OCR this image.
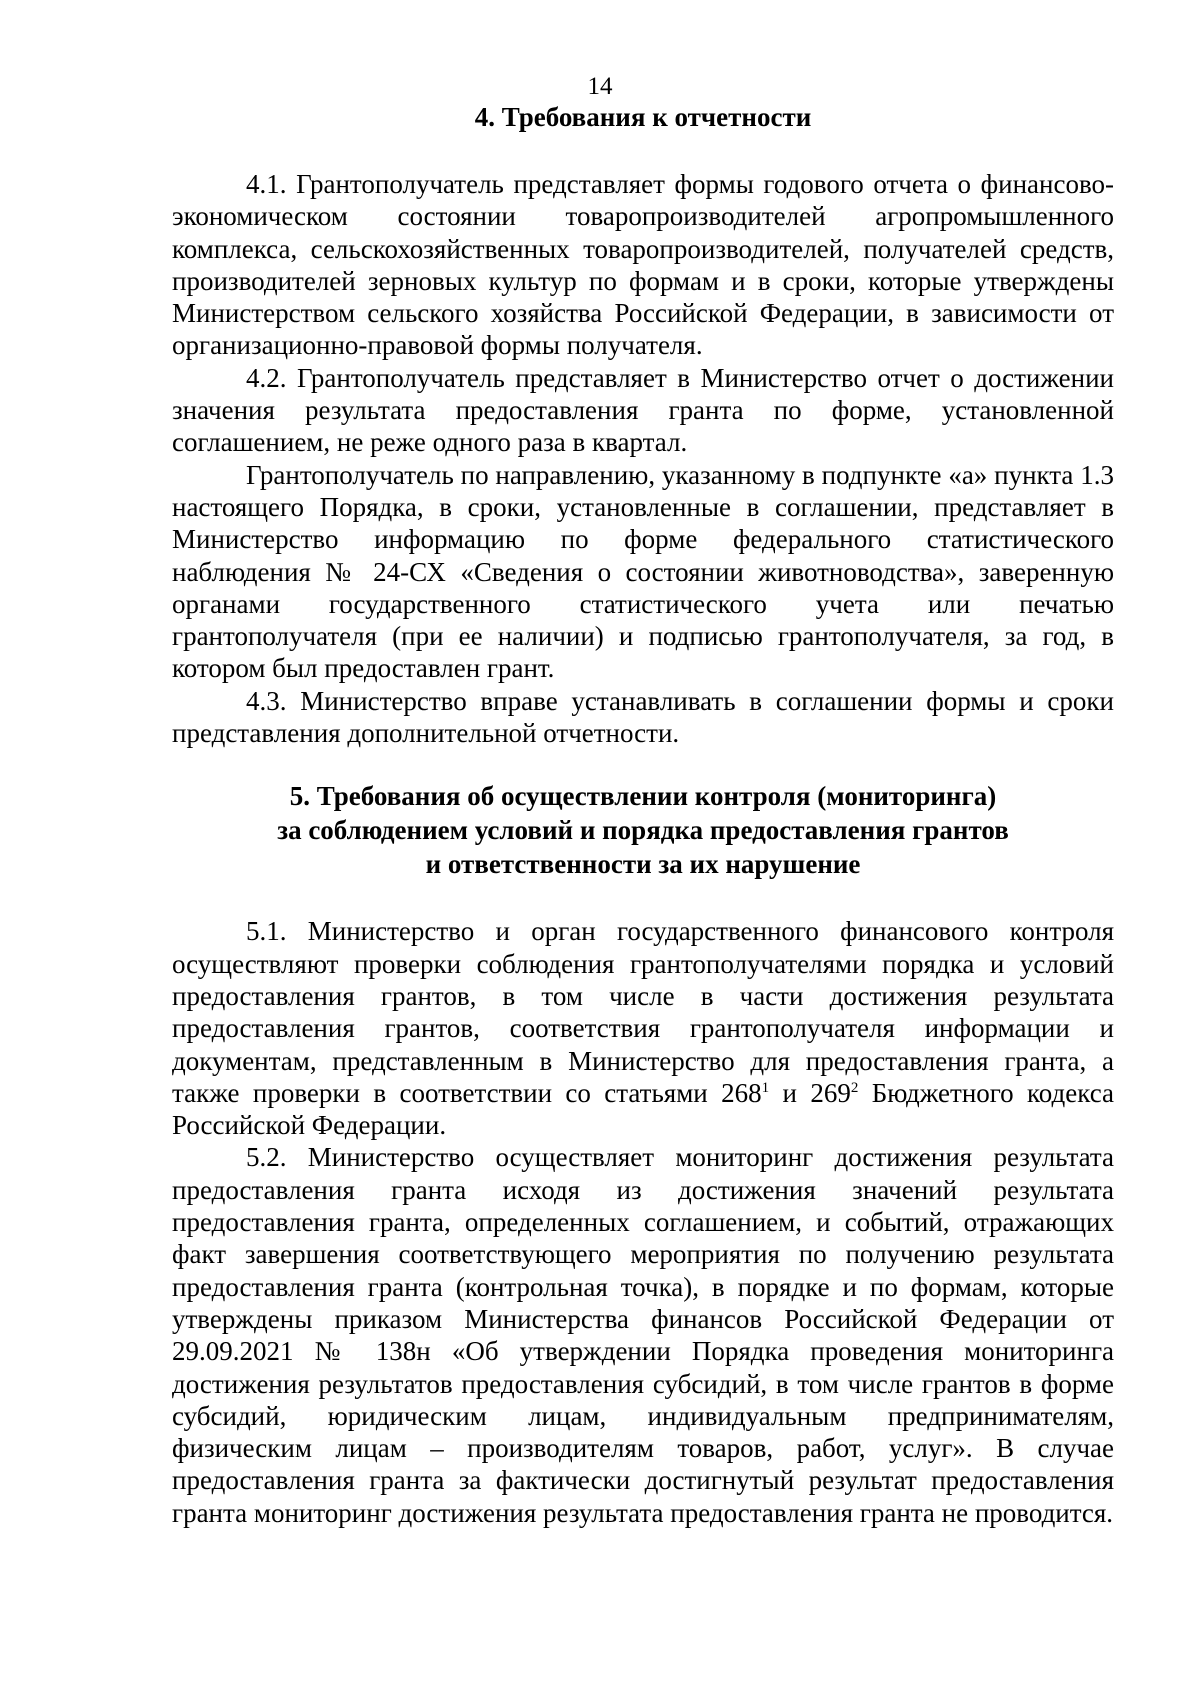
14
4. Требования к отчетности

4.1. Грантополучатель представляет формы годового отчета о финансово-экономическом состоянии товаропроизводителей агропромышленного комплекса, сельскохозяйственных товаропроизводителей, получателей средств, производителей зерновых культур по формам и в сроки, которые утверждены Министерством сельского хозяйства Российской Федерации, в зависимости от организационно-правовой формы получателя.

4.2. Грантополучатель представляет в Министерство отчет о достижении значения результата предоставления гранта по форме, установленной соглашением, не реже одного раза в квартал.

Грантополучатель по направлению, указанному в подпункте «а» пункта 1.3 настоящего Порядка, в сроки, установленные в соглашении, представляет в Министерство информацию по форме федерального статистического наблюдения № 24-СХ «Сведения о состоянии животноводства», заверенную органами государственного статистического учета или печатью грантополучателя (при ее наличии) и подписью грантополучателя, за год, в котором был предоставлен грант.

4.3. Министерство вправе устанавливать в соглашении формы и сроки представления дополнительной отчетности.

5. Требования об осуществлении контроля (мониторинга)
за соблюдением условий и порядка предоставления грантов
и ответственности за их нарушение

5.1. Министерство и орган государственного финансового контроля осуществляют проверки соблюдения грантополучателями порядка и условий предоставления грантов, в том числе в части достижения результата предоставления грантов, соответствия грантополучателя информации и документам, представленным в Министерство для предоставления гранта, а также проверки в соответствии со статьями $268^1$ и $269^2$ Бюджетного кодекса Российской Федерации.

5.2. Министерство осуществляет мониторинг достижения результата предоставления гранта исходя из достижения значений результата предоставления гранта, определенных соглашением, и событий, отражающих факт завершения соответствующего мероприятия по получению результата предоставления гранта (контрольная точка), в порядке и по формам, которые утверждены приказом Министерства финансов Российской Федерации от 29.09.2021 № 138н «Об утверждении Порядка проведения мониторинга достижения результатов предоставления субсидий, в том числе грантов в форме субсидий, юридическим лицам, индивидуальным предпринимателям, физическим лицам – производителям товаров, работ, услуг». В случае предоставления гранта за фактически достигнутый результат предоставления гранта мониторинг достижения результата предоставления гранта не проводится.
